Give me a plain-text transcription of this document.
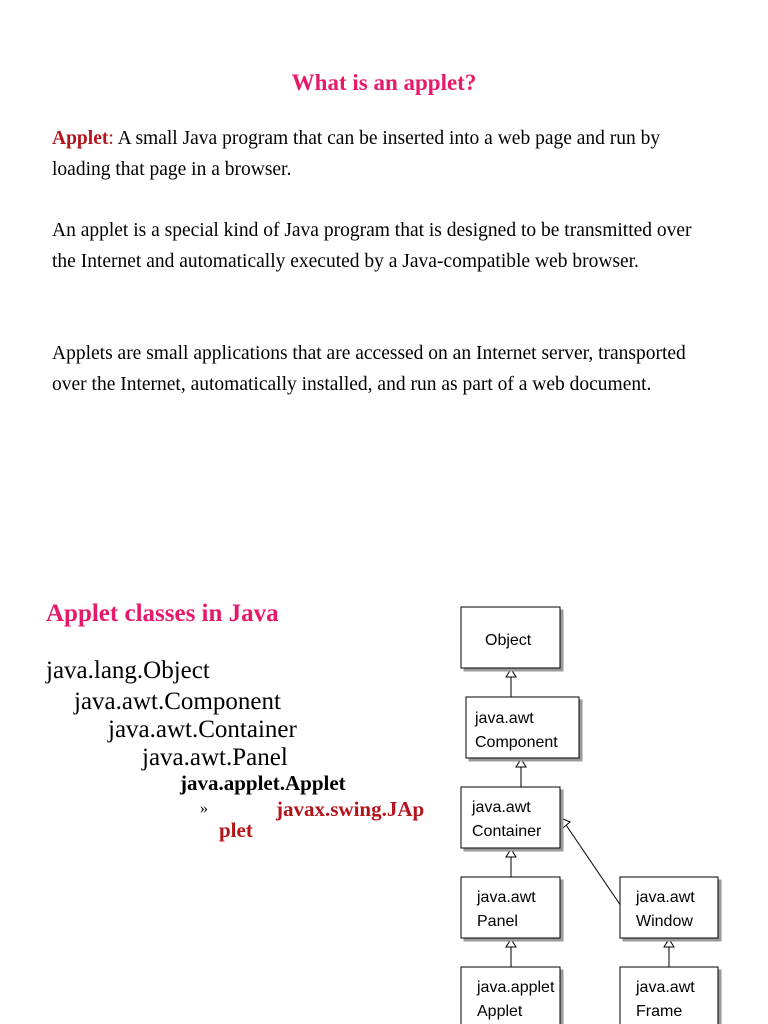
What is an applet?

Applet: A small Java program that can be inserted into a web page and run by loading that page in a browser.

An applet is a special kind of Java program that is designed to be transmitted over the Internet and automatically executed by a Java-compatible web browser.

Applets are small applications that are accessed on an Internet server, transported over the Internet, automatically installed, and run as part of a web document.

Applet classes in Java
java.lang.Object
java.awt.Component
java.awt.Container
java.awt.Panel
java.applet.Applet
»	javax.swing.JAp
plet
Object
java.awt
Component
java.awt
Container
java.awt
Panel
java.awt
Window
java.applet
Applet
java.awt
Frame
